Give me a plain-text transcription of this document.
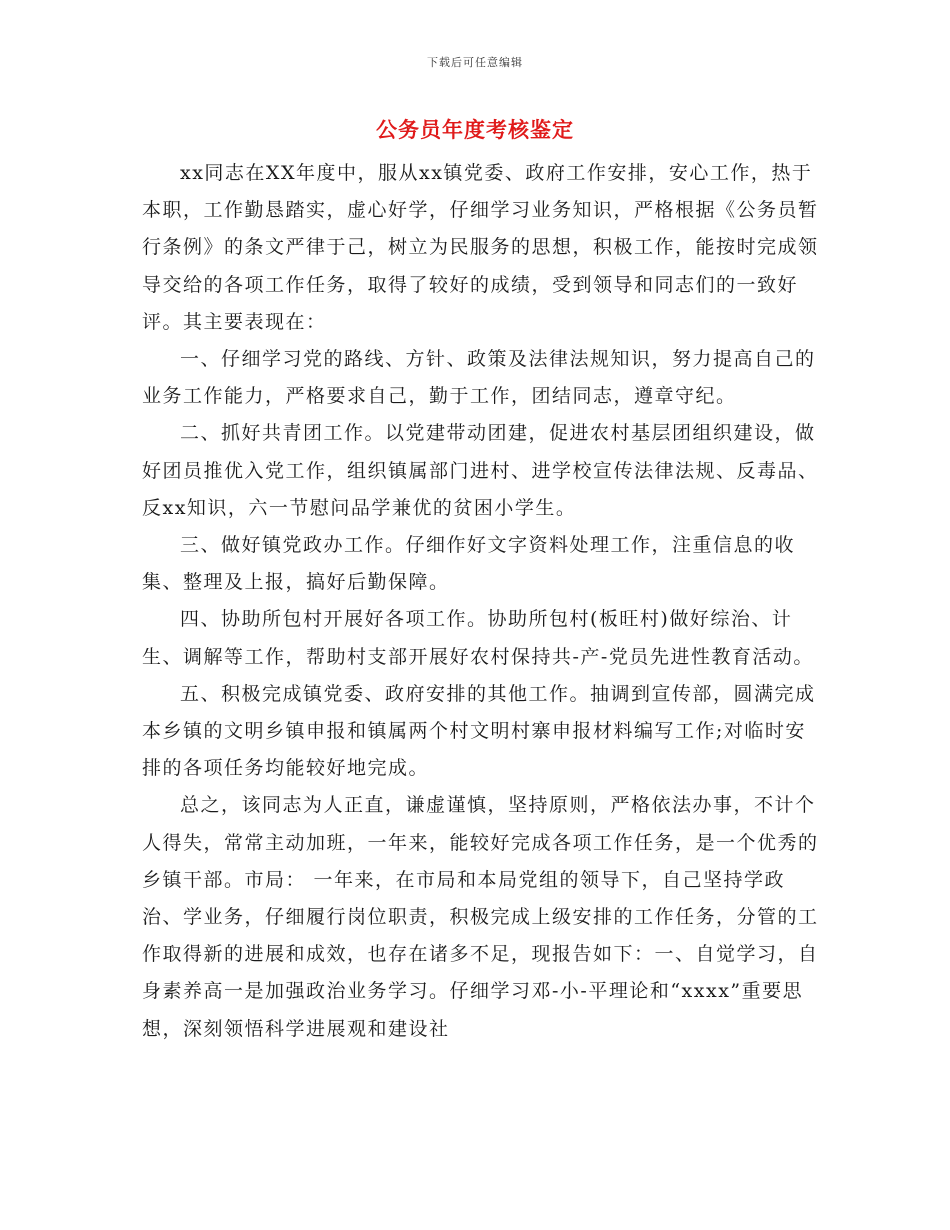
下载后可任意编辑
公务员年度考核鉴定

xx同志在XX年度中，服从xx镇党委、政府工作安排，安心工作，热于本职，工作勤恳踏实，虚心好学，仔细学习业务知识，严格根据《公务员暂行条例》的条文严律于己，树立为民服务的思想，积极工作，能按时完成领导交给的各项工作任务，取得了较好的成绩，受到领导和同志们的一致好评。其主要表现在：

一、仔细学习党的路线、方针、政策及法律法规知识，努力提高自己的业务工作能力，严格要求自己，勤于工作，团结同志，遵章守纪。

二、抓好共青团工作。以党建带动团建，促进农村基层团组织建设，做好团员推优入党工作，组织镇属部门进村、进学校宣传法律法规、反毒品、反xx知识，六一节慰问品学兼优的贫困小学生。

三、做好镇党政办工作。仔细作好文字资料处理工作，注重信息的收集、整理及上报，搞好后勤保障。

四、协助所包村开展好各项工作。协助所包村(板旺村)做好综治、计生、调解等工作，帮助村支部开展好农村保持共-产-党员先进性教育活动。

五、积极完成镇党委、政府安排的其他工作。抽调到宣传部，圆满完成本乡镇的文明乡镇申报和镇属两个村文明村寨申报材料编写工作;对临时安排的各项任务均能较好地完成。

总之，该同志为人正直，谦虚谨慎，坚持原则，严格依法办事，不计个人得失，常常主动加班，一年来，能较好完成各项工作任务，是一个优秀的乡镇干部。市局： 一年来，在市局和本局党组的领导下，自己坚持学政治、学业务，仔细履行岗位职责，积极完成上级安排的工作任务，分管的工作取得新的进展和成效，也存在诸多不足，现报告如下：一、自觉学习，自身素养高一是加强政治业务学习。仔细学习邓-小-平理论和“xxxx”重要思想，深刻领悟科学进展观和建设社
